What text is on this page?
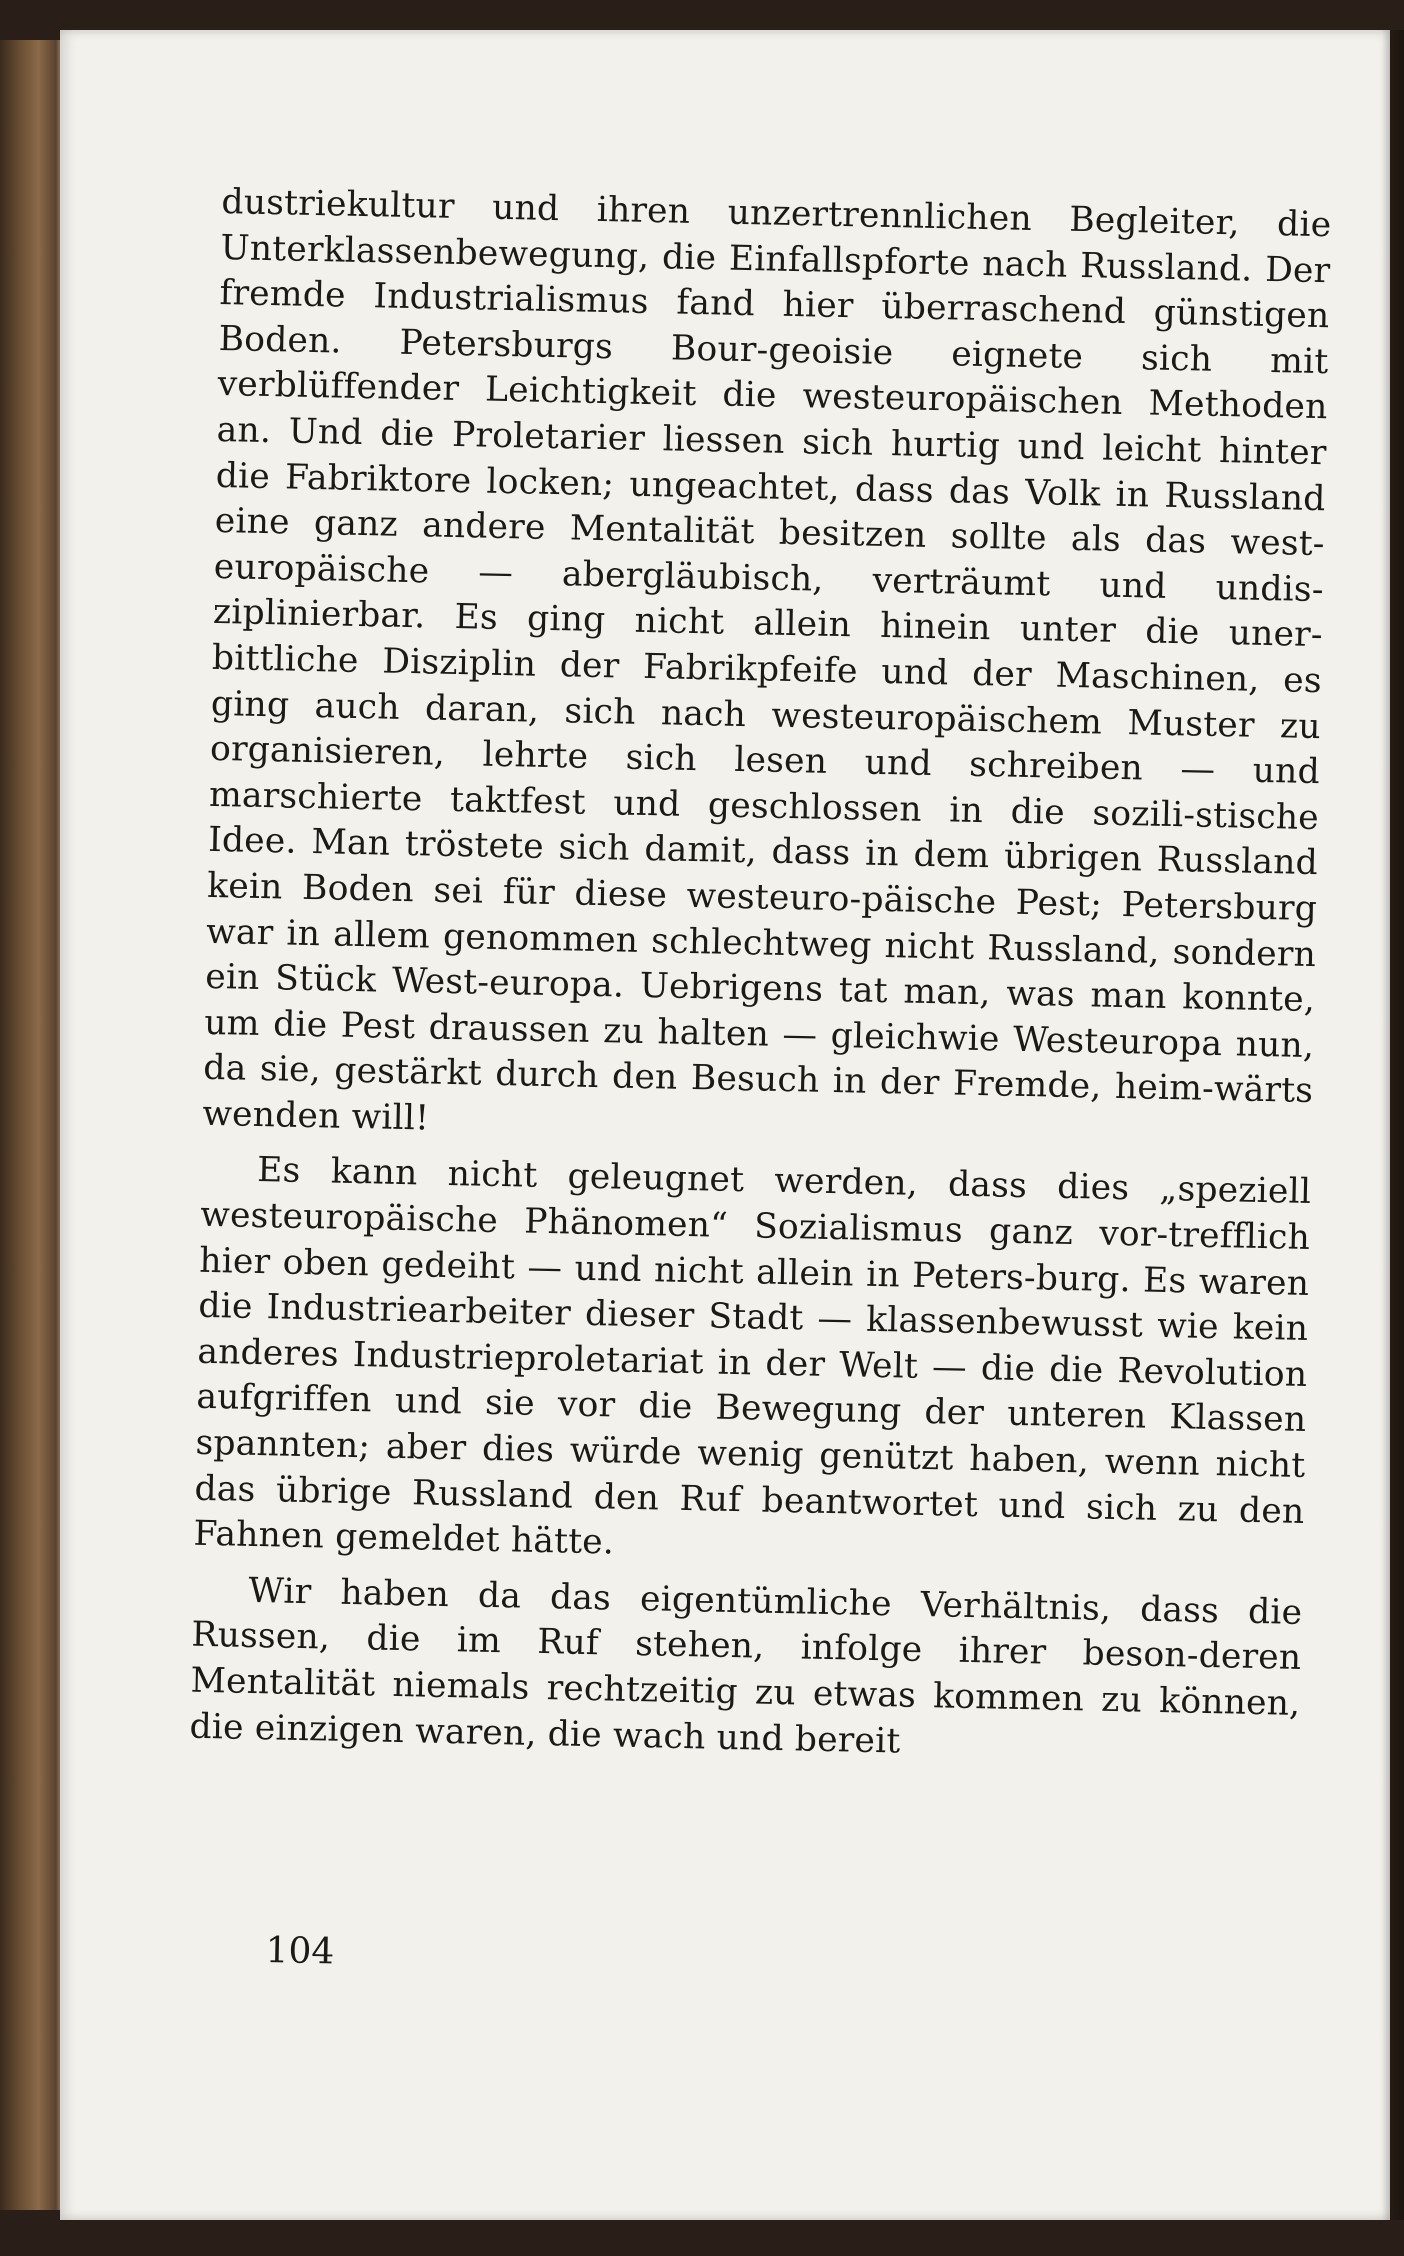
dustriekultur und ihren unzertrennlichen Begleiter, die Unterklassenbewegung, die Einfallspforte nach Russland. Der fremde Industrialismus fand hier überraschend günstigen Boden. Petersburgs Bour-geoisie eignete sich mit verblüffender Leichtigkeit die westeuropäischen Methoden an. Und die Proletarier liessen sich hurtig und leicht hinter die Fabriktore locken; ungeachtet, dass das Volk in Russland eine ganz andere Mentalität besitzen sollte als das west-europäische — abergläubisch, verträumt und undis-ziplinierbar. Es ging nicht allein hinein unter die uner-bittliche Disziplin der Fabrikpfeife und der Maschinen, es ging auch daran, sich nach westeuropäischem Muster zu organisieren, lehrte sich lesen und schreiben — und marschierte taktfest und geschlossen in die sozili-stische Idee. Man tröstete sich damit, dass in dem übrigen Russland kein Boden sei für diese westeuro-päische Pest; Petersburg war in allem genommen schlechtweg nicht Russland, sondern ein Stück West-europa. Uebrigens tat man, was man konnte, um die Pest draussen zu halten — gleichwie Westeuropa nun, da sie, gestärkt durch den Besuch in der Fremde, heim-wärts wenden will!

Es kann nicht geleugnet werden, dass dies „speziell westeuropäische Phänomen“ Sozialismus ganz vor-trefflich hier oben gedeiht — und nicht allein in Peters-burg. Es waren die Industriearbeiter dieser Stadt — klassenbewusst wie kein anderes Industrieproletariat in der Welt — die die Revolution aufgriffen und sie vor die Bewegung der unteren Klassen spannten; aber dies würde wenig genützt haben, wenn nicht das übrige Russland den Ruf beantwortet und sich zu den Fahnen gemeldet hätte.

Wir haben da das eigentümliche Verhältnis, dass die Russen, die im Ruf stehen, infolge ihrer beson-deren Mentalität niemals rechtzeitig zu etwas kommen zu können, die einzigen waren, die wach und bereit

104
